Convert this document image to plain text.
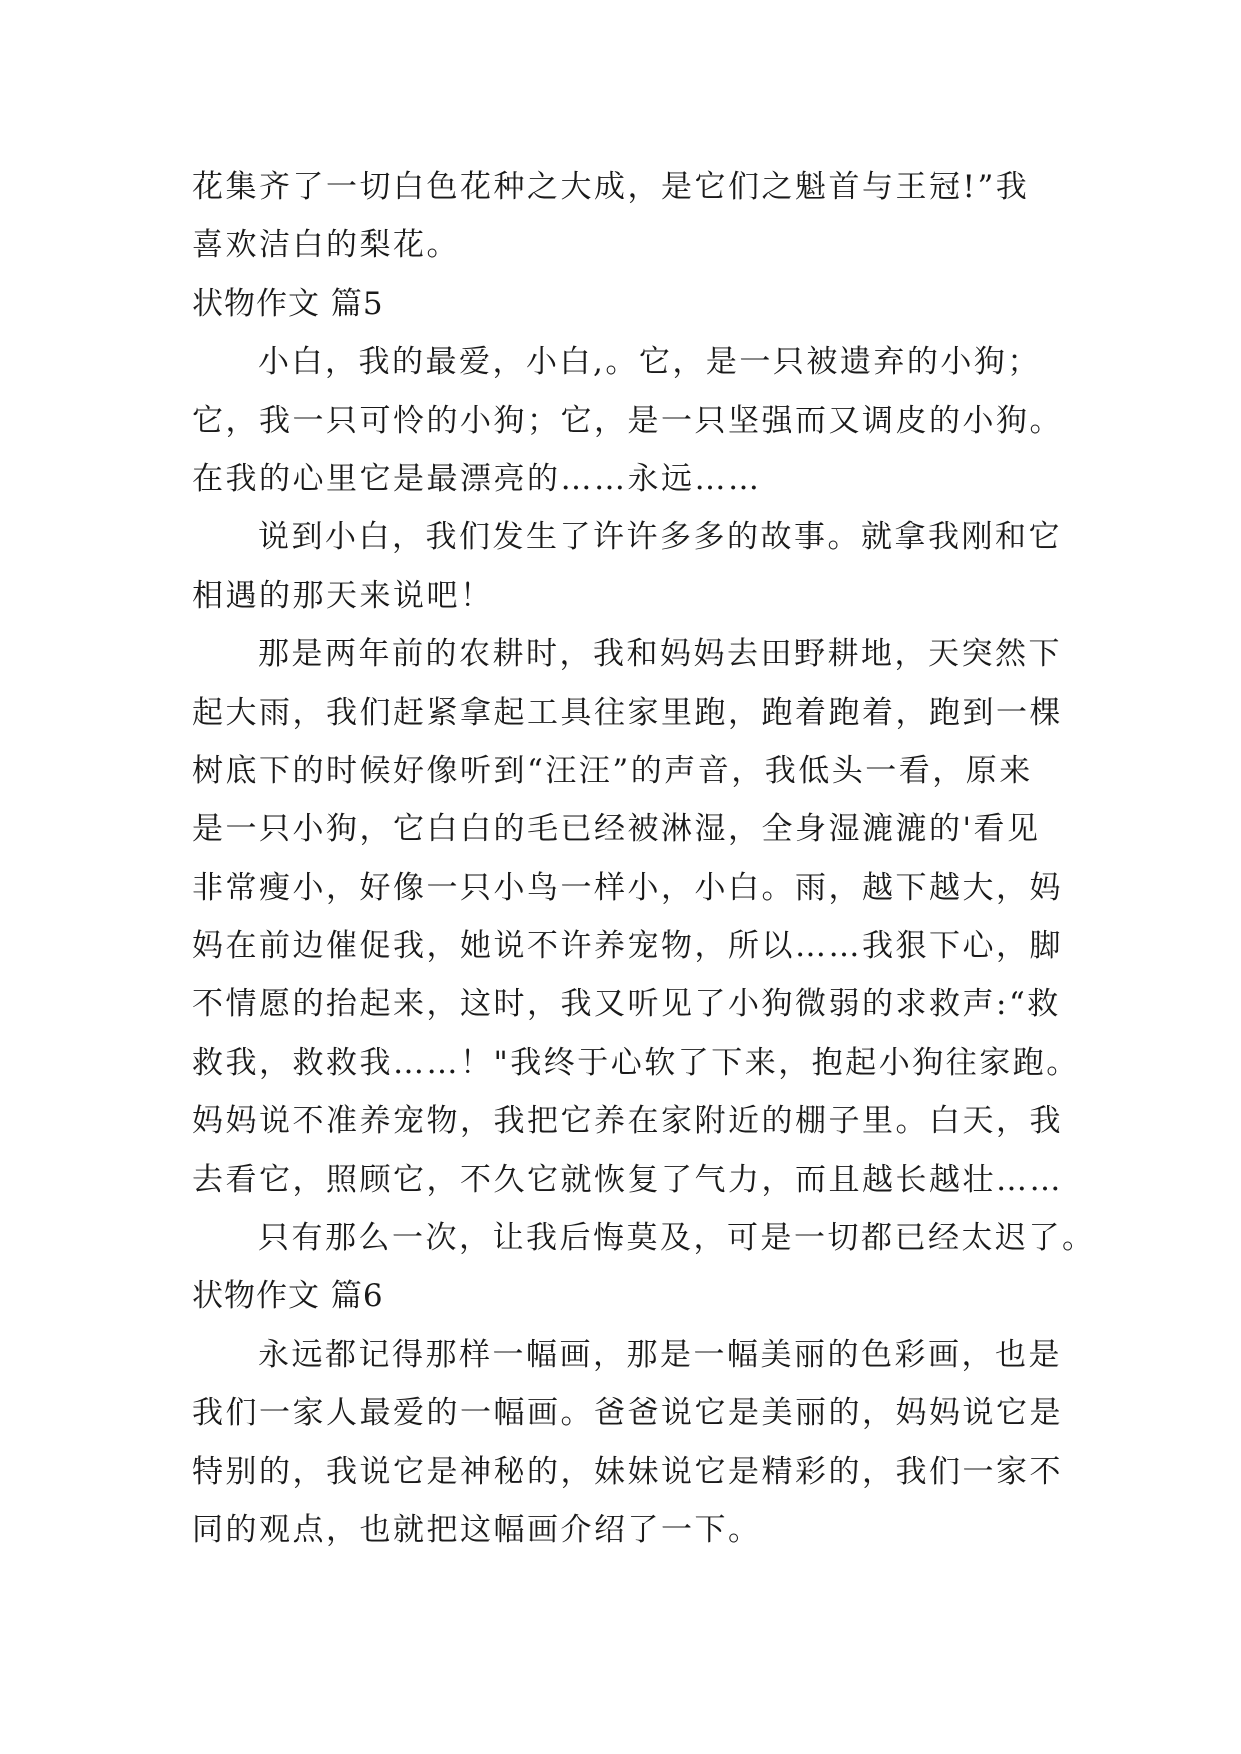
花集齐了一切白色花种之大成，是它们之魁首与王冠!”我
喜欢洁白的梨花。
状物作文 篇5
小白，我的最爱，小白,。它，是一只被遗弃的小狗；
它，我一只可怜的小狗；它，是一只坚强而又调皮的小狗。
在我的心里它是最漂亮的……永远……
说到小白，我们发生了许许多多的故事。就拿我刚和它
相遇的那天来说吧！
那是两年前的农耕时，我和妈妈去田野耕地，天突然下
起大雨，我们赶紧拿起工具往家里跑，跑着跑着，跑到一棵
树底下的时候好像听到“汪汪”的声音，我低头一看，原来
是一只小狗，它白白的毛已经被淋湿，全身湿漉漉的'看见
非常瘦小，好像一只小鸟一样小，小白。雨，越下越大，妈
妈在前边催促我，她说不许养宠物，所以……我狠下心，脚
不情愿的抬起来，这时，我又听见了小狗微弱的求救声:“救
救我，救救我……！"我终于心软了下来，抱起小狗往家跑。
妈妈说不准养宠物，我把它养在家附近的棚子里。白天，我
去看它，照顾它，不久它就恢复了气力，而且越长越壮……
只有那么一次，让我后悔莫及，可是一切都已经太迟了。
状物作文 篇6
永远都记得那样一幅画，那是一幅美丽的色彩画，也是
我们一家人最爱的一幅画。爸爸说它是美丽的，妈妈说它是
特别的，我说它是神秘的，妹妹说它是精彩的，我们一家不
同的观点，也就把这幅画介绍了一下。
